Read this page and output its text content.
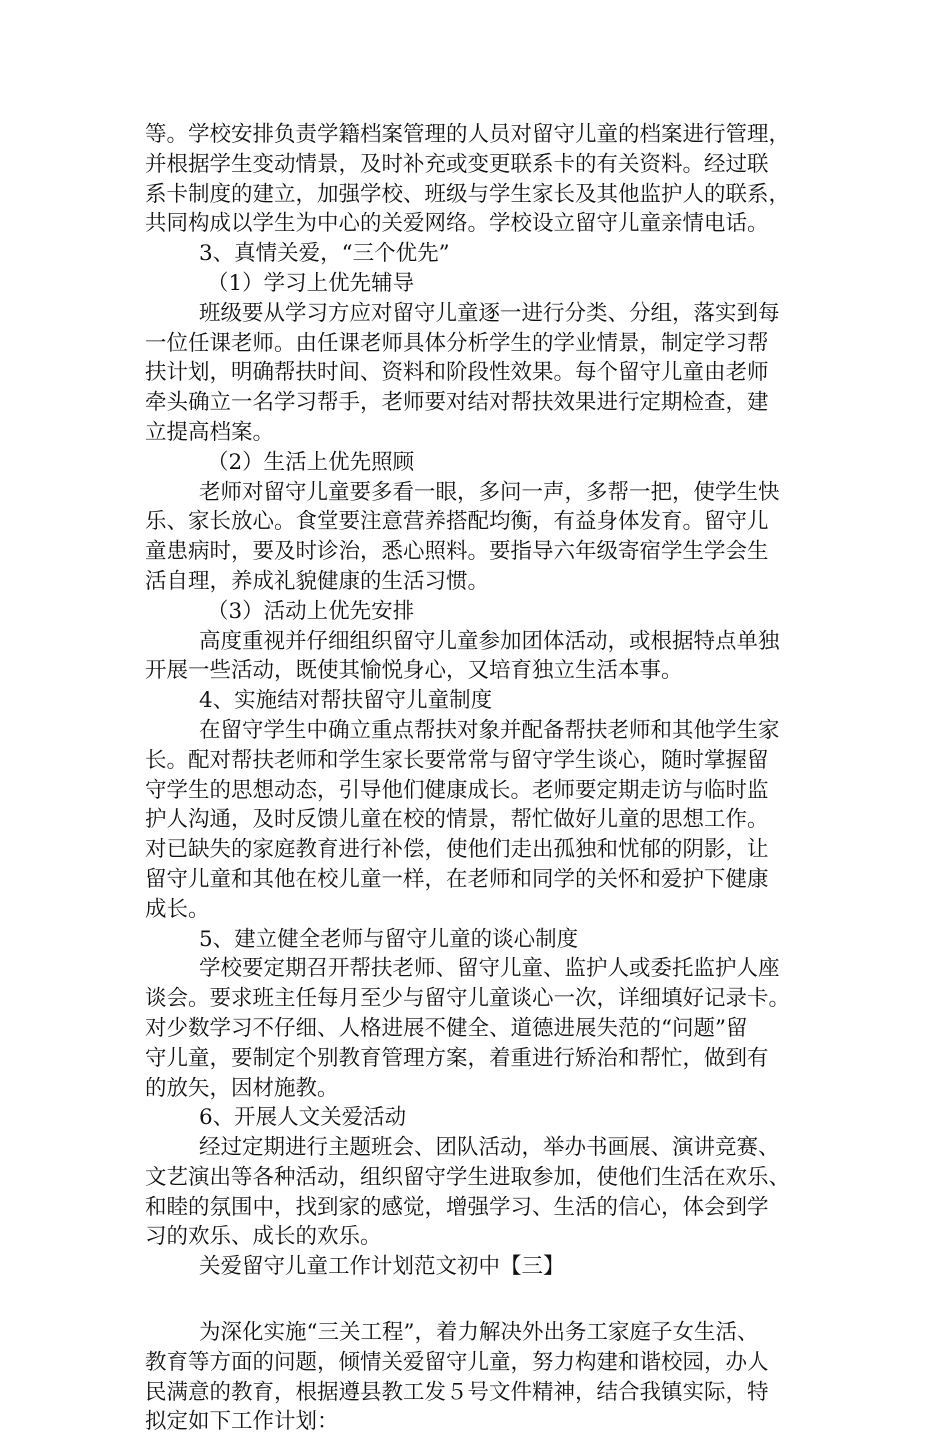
等。学校安排负责学籍档案管理的人员对留守儿童的档案进行管理，
并根据学生变动情景，及时补充或变更联系卡的有关资料。经过联
系卡制度的建立，加强学校、班级与学生家长及其他监护人的联系，
共同构成以学生为中心的关爱网络。学校设立留守儿童亲情电话。
3、真情关爱，“三个优先”
（1）学习上优先辅导
班级要从学习方应对留守儿童逐一进行分类、分组，落实到每
一位任课老师。由任课老师具体分析学生的学业情景，制定学习帮
扶计划，明确帮扶时间、资料和阶段性效果。每个留守儿童由老师
牵头确立一名学习帮手，老师要对结对帮扶效果进行定期检查，建
立提高档案。
（2）生活上优先照顾
老师对留守儿童要多看一眼，多问一声，多帮一把，使学生快
乐、家长放心。食堂要注意营养搭配均衡，有益身体发育。留守儿
童患病时，要及时诊治，悉心照料。要指导六年级寄宿学生学会生
活自理，养成礼貌健康的生活习惯。
（3）活动上优先安排
高度重视并仔细组织留守儿童参加团体活动，或根据特点单独
开展一些活动，既使其愉悦身心，又培育独立生活本事。
4、实施结对帮扶留守儿童制度
在留守学生中确立重点帮扶对象并配备帮扶老师和其他学生家
长。配对帮扶老师和学生家长要常常与留守学生谈心，随时掌握留
守学生的思想动态，引导他们健康成长。老师要定期走访与临时监
护人沟通，及时反馈儿童在校的情景，帮忙做好儿童的思想工作。
对已缺失的家庭教育进行补偿，使他们走出孤独和忧郁的阴影，让
留守儿童和其他在校儿童一样，在老师和同学的关怀和爱护下健康
成长。
5、建立健全老师与留守儿童的谈心制度
学校要定期召开帮扶老师、留守儿童、监护人或委托监护人座
谈会。要求班主任每月至少与留守儿童谈心一次，详细填好记录卡。
对少数学习不仔细、人格进展不健全、道德进展失范的“问题”留
守儿童，要制定个别教育管理方案，着重进行矫治和帮忙，做到有
的放矢，因材施教。
6、开展人文关爱活动
经过定期进行主题班会、团队活动，举办书画展、演讲竞赛、
文艺演出等各种活动，组织留守学生进取参加，使他们生活在欢乐、
和睦的氛围中，找到家的感觉，增强学习、生活的信心，体会到学
习的欢乐、成长的欢乐。
关爱留守儿童工作计划范文初中【三】
为深化实施“三关工程”，着力解决外出务工家庭子女生活、
教育等方面的问题，倾情关爱留守儿童，努力构建和谐校园，办人
民满意的教育，根据遵县教工发５号文件精神，结合我镇实际，特
拟定如下工作计划：
